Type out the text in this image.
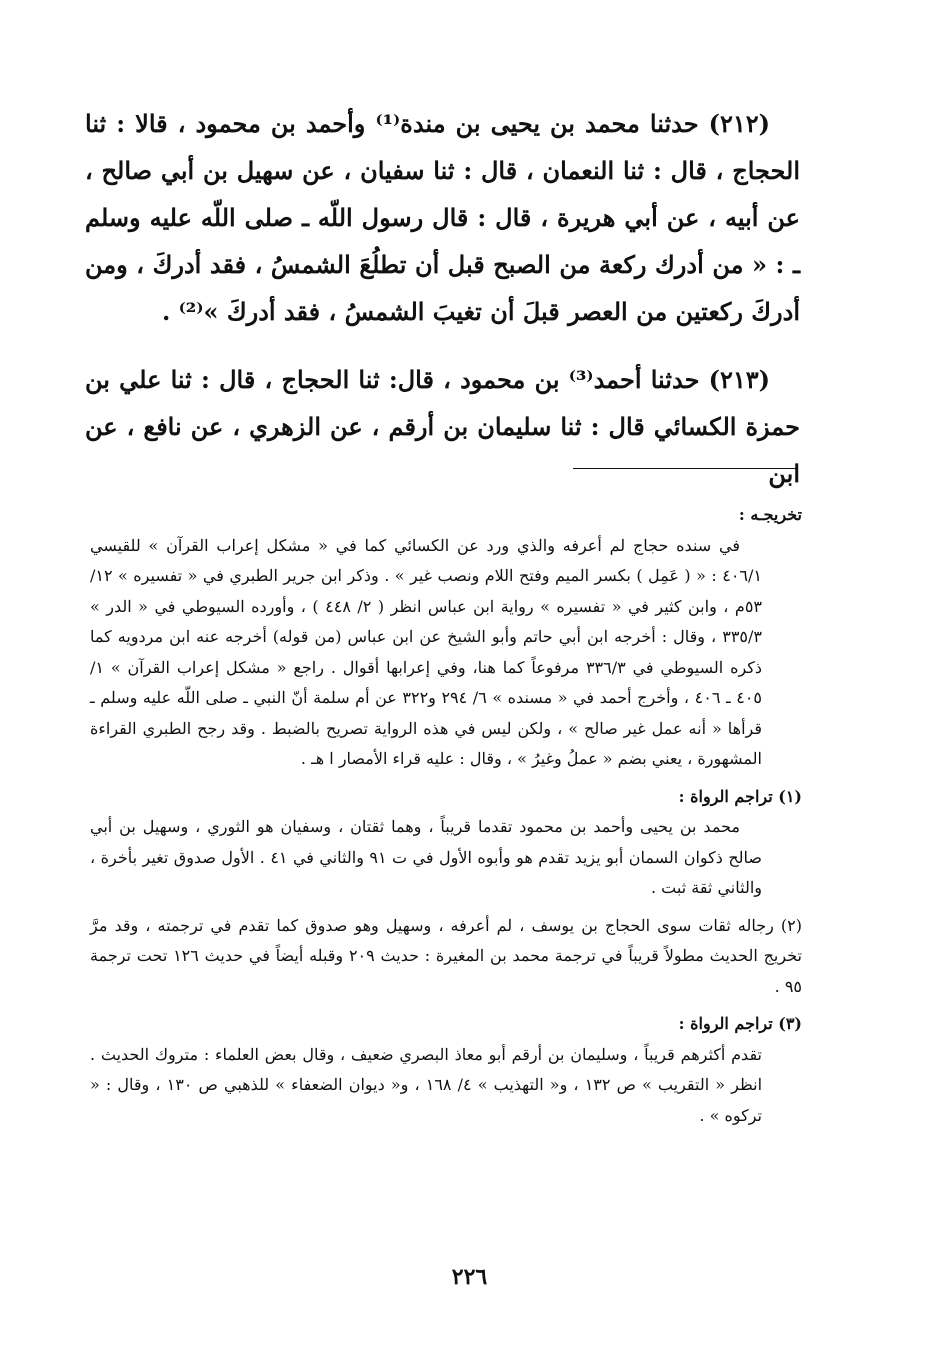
(٢١٢) حدثنا محمد بن يحيى بن مندة⁽¹⁾ وأحمد بن محمود ، قالا : ثنا الحجاج ، قال : ثنا النعمان ، قال : ثنا سفيان ، عن سهيل بن أبي صالح ، عن أبيه ، عن أبي هريرة ، قال : قال رسول اللّه ـ صلى اللّه عليه وسلم ـ : « من أدرك ركعة من الصبح قبل أن تطلُعَ الشمسُ ، فقد أدركَ ، ومن أدركَ ركعتين من العصر قبلَ أن تغيبَ الشمسُ ، فقد أدركَ »⁽²⁾ .

(٢١٣) حدثنا أحمد⁽³⁾ بن محمود ، قال: ثنا الحجاج ، قال : ثنا علي بن حمزة الكسائي قال : ثنا سليمان بن أرقم ، عن الزهري ، عن نافع ، عن ابن

تخريجـه :

في سنده حجاج لم أعرفه والذي ورد عن الكسائي كما في « مشكل إعراب القرآن » للقيسي ٤٠٦/١ : « ( عَمِل ) بكسر الميم وفتح اللام ونصب غير » . وذكر ابن جرير الطبري في « تفسيره » ١٢/ ٥٣م ، وابن كثير في « تفسيره » رواية ابن عباس انظر ( ٢/ ٤٤٨ ) ، وأورده السيوطي في « الدر » ٣٣٥/٣ ، وقال : أخرجه ابن أبي حاتم وأبو الشيخ عن ابن عباس (من قوله) أخرجه عنه ابن مردويه كما ذكره السيوطي في ٣٣٦/٣ مرفوعاً كما هنا، وفي إعرابها أقوال . راجع « مشكل إعراب القرآن » ١/ ٤٠٥ ـ ٤٠٦ ، وأخرج أحمد في « مسنده » ٦/ ٢٩٤ و٣٢٢ عن أم سلمة أنّ النبي ـ صلى اللّه عليه وسلم ـ قرأها « أنه عمل غير صالح » ، ولكن ليس في هذه الرواية تصريح بالضبط . وقد رجح الطبري القراءة المشهورة ، يعني بضم « عملُ وغيرُ » ، وقال : عليه قراء الأمصار ا هـ .

(١) تراجم الرواة :

محمد بن يحيى وأحمد بن محمود تقدما قريباً ، وهما ثقتان ، وسفيان هو الثوري ، وسهيل بن أبي صالح ذكوان السمان أبو يزيد تقدم هو وأبوه الأول في ت ٩١ والثاني في ٤١ . الأول صدوق تغير بأخرة ، والثاني ثقة ثبت .

(٢) رجاله ثقات سوى الحجاج بن يوسف ، لم أعرفه ، وسهيل وهو صدوق كما تقدم في ترجمته ، وقد مرَّ تخريج الحديث مطولاً قريباً في ترجمة محمد بن المغيرة : حديث ٢٠٩ وقبله أيضاً في حديث ١٢٦ تحت ترجمة ٩٥ .

(٣) تراجم الرواة :

تقدم أكثرهم قريباً ، وسليمان بن أرقم أبو معاذ البصري ضعيف ، وقال بعض العلماء : متروك الحديث . انظر « التقريب » ص ١٣٢ ، و« التهذيب » ٤/ ١٦٨ ، و« ديوان الضعفاء » للذهبي ص ١٣٠ ، وقال : « تركوه » .

٢٢٦
